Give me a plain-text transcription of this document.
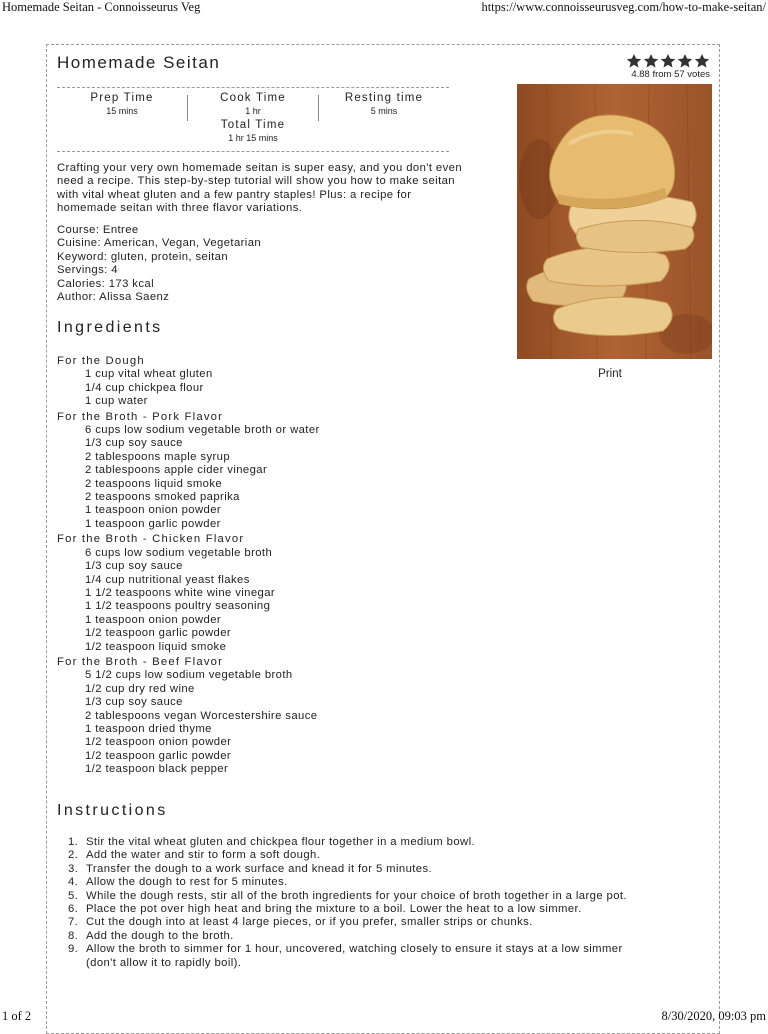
Homemade Seitan - Connoisseurus Veg	https://www.connoisseurusveg.com/how-to-make-seitan/
Homemade Seitan
4.88 from 57 votes
Prep Time
15 mins
Cook Time
1 hr
Total Time
1 hr 15 mins
Resting time
5 mins
Print
Crafting your very own homemade seitan is super easy, and you don't even
need a recipe. This step-by-step tutorial will show you how to make seitan
with vital wheat gluten and a few pantry staples! Plus: a recipe for
homemade seitan with three flavor variations.
Course: Entree
Cuisine: American, Vegan, Vegetarian
Keyword: gluten, protein, seitan
Servings: 4
Calories: 173 kcal
Author: Alissa Saenz
Ingredients
For the Dough
1 cup vital wheat gluten
1/4 cup chickpea flour
1 cup water
For the Broth - Pork Flavor
6 cups low sodium vegetable broth or water
1/3 cup soy sauce
2 tablespoons maple syrup
2 tablespoons apple cider vinegar
2 teaspoons liquid smoke
2 teaspoons smoked paprika
1 teaspoon onion powder
1 teaspoon garlic powder
For the Broth - Chicken Flavor
6 cups low sodium vegetable broth
1/3 cup soy sauce
1/4 cup nutritional yeast flakes
1 1/2 teaspoons white wine vinegar
1 1/2 teaspoons poultry seasoning
1 teaspoon onion powder
1/2 teaspoon garlic powder
1/2 teaspoon liquid smoke
For the Broth - Beef Flavor
5 1/2 cups low sodium vegetable broth
1/2 cup dry red wine
1/3 cup soy sauce
2 tablespoons vegan Worcestershire sauce
1 teaspoon dried thyme
1/2 teaspoon onion powder
1/2 teaspoon garlic powder
1/2 teaspoon black pepper
Instructions
1. Stir the vital wheat gluten and chickpea flour together in a medium bowl.
2. Add the water and stir to form a soft dough.
3. Transfer the dough to a work surface and knead it for 5 minutes.
4. Allow the dough to rest for 5 minutes.
5. While the dough rests, stir all of the broth ingredients for your choice of broth together in a large pot.
6. Place the pot over high heat and bring the mixture to a boil. Lower the heat to a low simmer.
7. Cut the dough into at least 4 large pieces, or if you prefer, smaller strips or chunks.
8. Add the dough to the broth.
9. Allow the broth to simmer for 1 hour, uncovered, watching closely to ensure it stays at a low simmer
(don't allow it to rapidly boil).
1 of 2	8/30/2020, 09:03 pm
